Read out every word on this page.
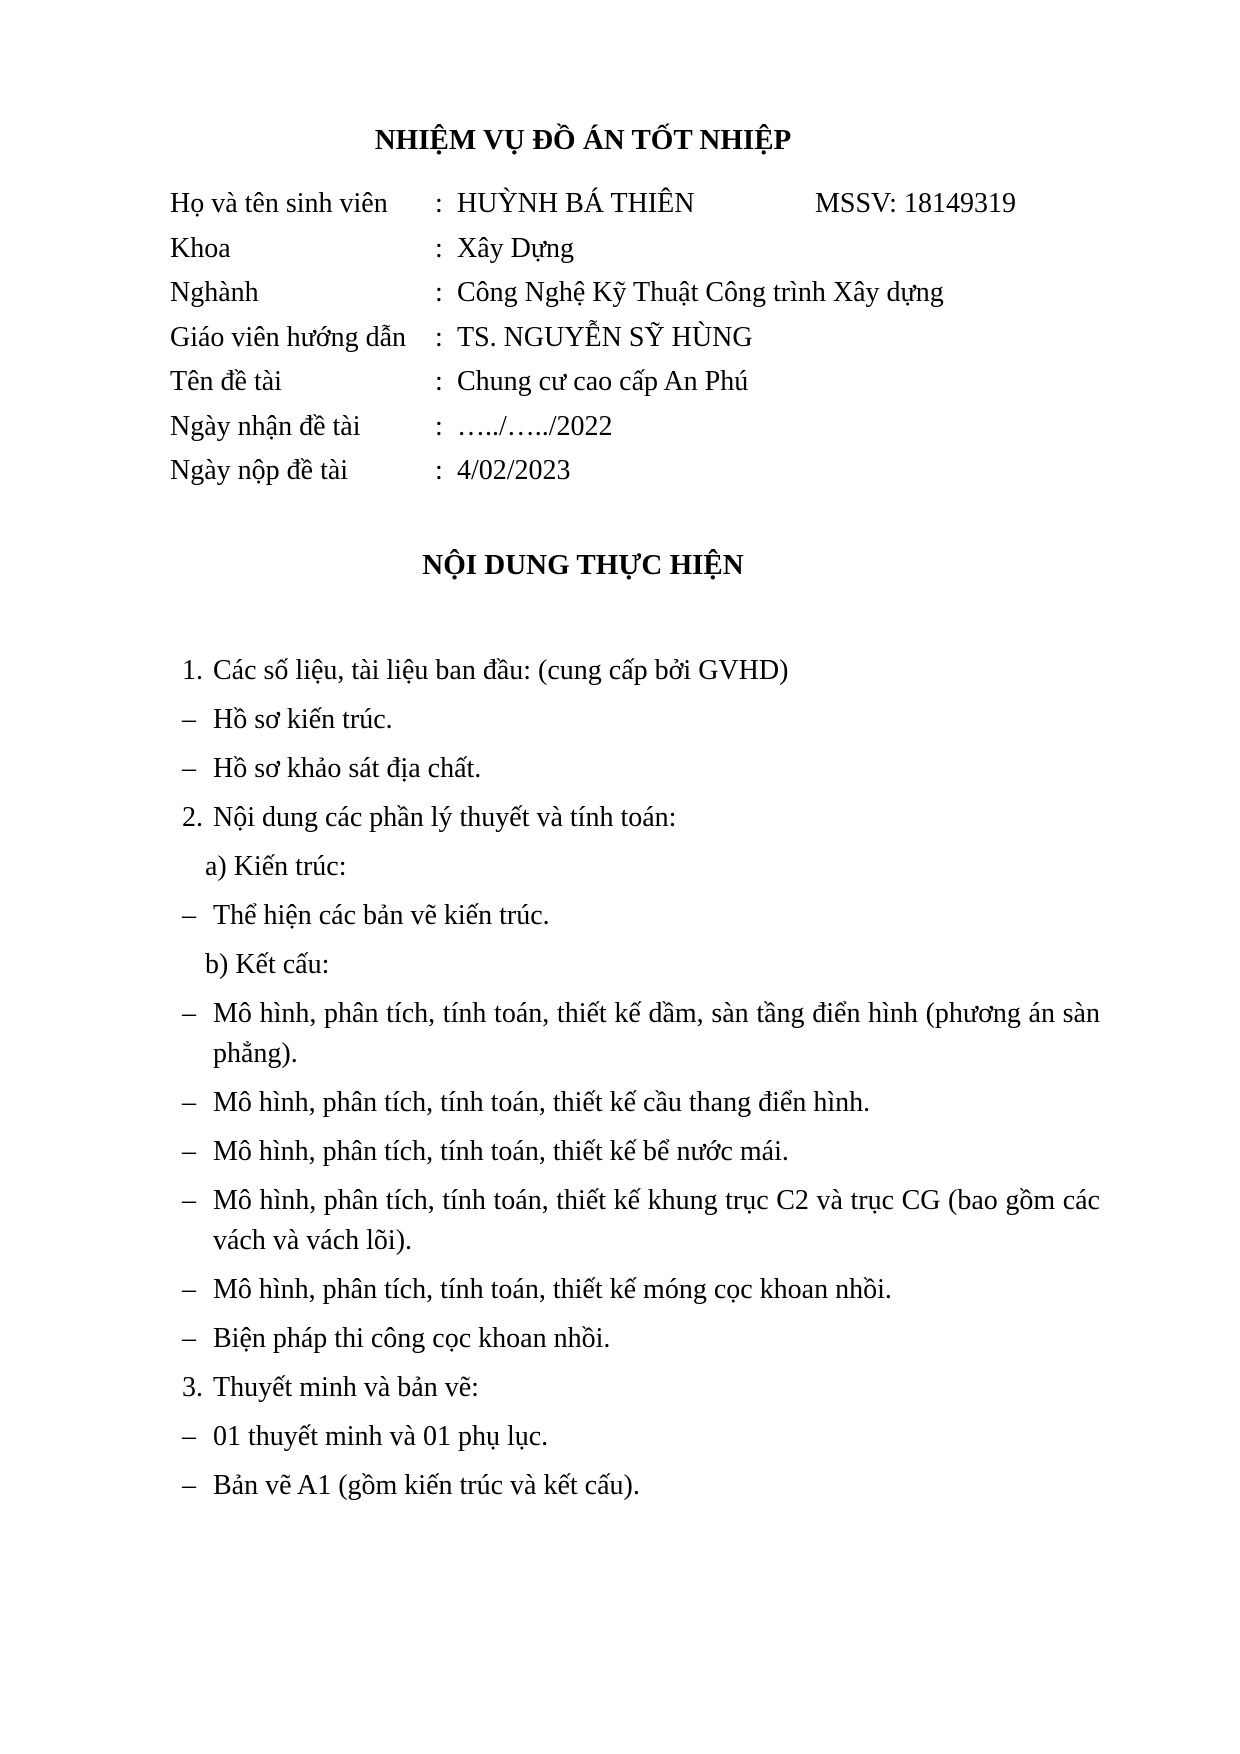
NHIỆM VỤ ĐỒ ÁN TỐT NHIỆP
Họ và tên sinh viên	: HUỲNH BÁ THIÊN	MSSV: 18149319
Khoa	: Xây Dựng
Nghành	: Công Nghệ Kỹ Thuật Công trình Xây dựng
Giáo viên hướng dẫn	: TS. NGUYỄN SỸ HÙNG
Tên đề tài	: Chung cư cao cấp An Phú
Ngày nhận đề tài	: …../…../2022
Ngày nộp đề tài	: 4/02/2023
NỘI DUNG THỰC HIỆN
1. Các số liệu, tài liệu ban đầu: (cung cấp bởi GVHD)
– Hồ sơ kiến trúc.
– Hồ sơ khảo sát địa chất.
2. Nội dung các phần lý thuyết và tính toán:
a) Kiến trúc:
– Thể hiện các bản vẽ kiến trúc.
b) Kết cấu:
– Mô hình, phân tích, tính toán, thiết kế dầm, sàn tầng điển hình (phương án sàn phẳng).
– Mô hình, phân tích, tính toán, thiết kế cầu thang điển hình.
– Mô hình, phân tích, tính toán, thiết kế bể nước mái.
– Mô hình, phân tích, tính toán, thiết kế khung trục C2 và trục CG (bao gồm các vách và vách lõi).
– Mô hình, phân tích, tính toán, thiết kế móng cọc khoan nhồi.
– Biện pháp thi công cọc khoan nhồi.
3. Thuyết minh và bản vẽ:
– 01 thuyết minh và 01 phụ lục.
– Bản vẽ A1 (gồm kiến trúc và kết cấu).
